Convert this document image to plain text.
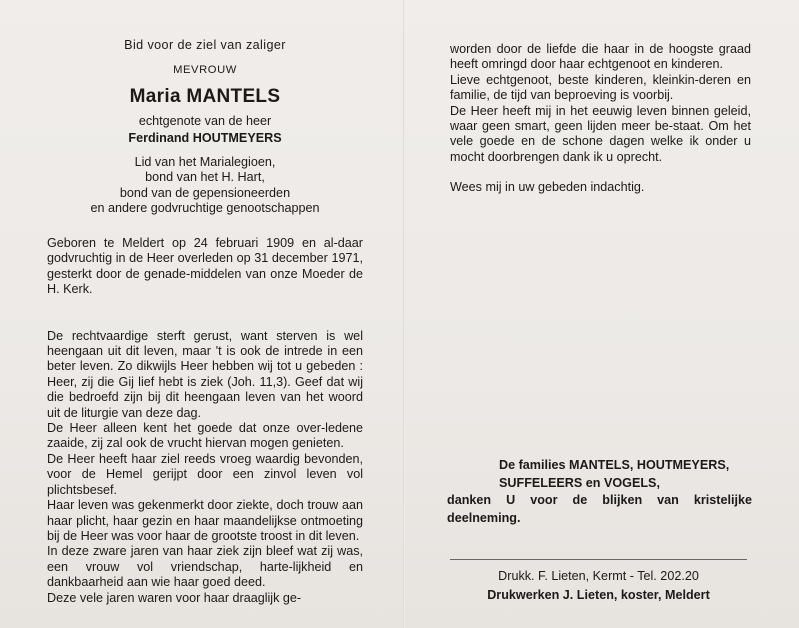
Bid voor de ziel van zaliger
MEVROUW
Maria MANTELS
echtgenote van de heer
Ferdinand HOUTMEYERS
Lid van het Marialegioen,
bond van het H. Hart,
bond van de gepensioneerden
en andere godvruchtige genootschappen

Geboren te Meldert op 24 februari 1909 en al-daar godvruchtig in de Heer overleden op 31 december 1971, gesterkt door de genade-middelen van onze Moeder de H. Kerk.

De rechtvaardige sterft gerust, want sterven is wel heengaan uit dit leven, maar 't is ook de intrede in een beter leven. Zo dikwijls Heer hebben wij tot u gebeden : Heer, zij die Gij lief hebt is ziek (Joh. 11,3). Geef dat wij die bedroefd zijn bij dit heengaan leven van het woord uit de liturgie van deze dag.

De Heer alleen kent het goede dat onze over-ledene zaaide, zij zal ook de vrucht hiervan mogen genieten.

De Heer heeft haar ziel reeds vroeg waardig bevonden, voor de Hemel gerijpt door een zinvol leven vol plichtsbesef.

Haar leven was gekenmerkt door ziekte, doch trouw aan haar plicht, haar gezin en haar maandelijkse ontmoeting bij de Heer was voor haar de grootste troost in dit leven.

In deze zware jaren van haar ziek zijn bleef wat zij was, een vrouw vol vriendschap, harte-lijkheid en dankbaarheid aan wie haar goed deed.

Deze vele jaren waren voor haar draaglijk ge-

worden door de liefde die haar in de hoogste graad heeft omringd door haar echtgenoot en kinderen.

Lieve echtgenoot, beste kinderen, kleinkin-deren en familie, de tijd van beproeving is voorbij.

De Heer heeft mij in het eeuwig leven binnen geleid, waar geen smart, geen lijden meer be-staat. Om het vele goede en de schone dagen welke ik onder u mocht doorbrengen dank ik u oprecht.

Wees mij in uw gebeden indachtig.

De families MANTELS, HOUTMEYERS,
SUFFELEERS en VOGELS,
danken U voor de blijken van kristelijke deelneming.
Drukk. F. Lieten, Kermt - Tel. 202.20
Drukwerken J. Lieten, koster, Meldert
